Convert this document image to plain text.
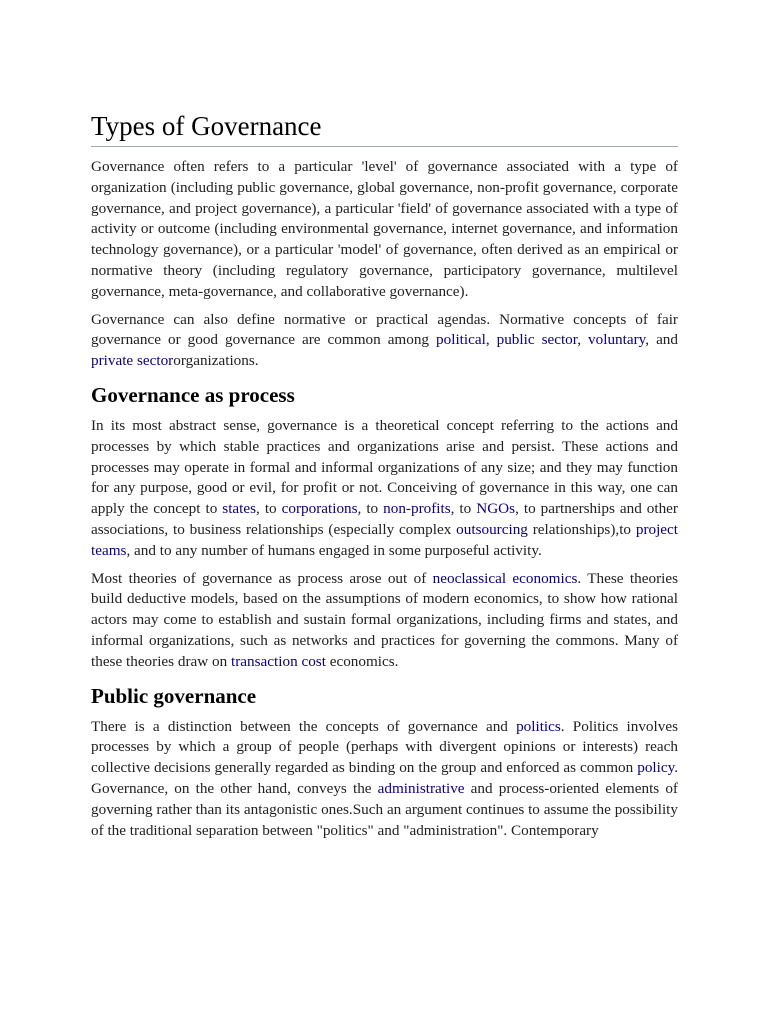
Types of Governance

Governance often refers to a particular 'level' of governance associated with a type of organization (including public governance, global governance, non-profit governance, corporate governance, and project governance), a particular 'field' of governance associated with a type of activity or outcome (including environmental governance, internet governance, and information technology governance), or a particular 'model' of governance, often derived as an empirical or normative theory (including regulatory governance, participatory governance, multilevel governance, meta-governance, and collaborative governance).

Governance can also define normative or practical agendas. Normative concepts of fair governance or good governance are common among political, public sector, voluntary, and private sectororganizations.

Governance as process

In its most abstract sense, governance is a theoretical concept referring to the actions and processes by which stable practices and organizations arise and persist. These actions and processes may operate in formal and informal organizations of any size; and they may function for any purpose, good or evil, for profit or not. Conceiving of governance in this way, one can apply the concept to states, to corporations, to non-profits, to NGOs, to partnerships and other associations, to business relationships (especially complex outsourcing relationships),to project teams, and to any number of humans engaged in some purposeful activity.

Most theories of governance as process arose out of neoclassical economics. These theories build deductive models, based on the assumptions of modern economics, to show how rational actors may come to establish and sustain formal organizations, including firms and states, and informal organizations, such as networks and practices for governing the commons. Many of these theories draw on transaction cost economics.

Public governance

There is a distinction between the concepts of governance and politics. Politics involves processes by which a group of people (perhaps with divergent opinions or interests) reach collective decisions generally regarded as binding on the group and enforced as common policy. Governance, on the other hand, conveys the administrative and process-oriented elements of governing rather than its antagonistic ones.Such an argument continues to assume the possibility of the traditional separation between "politics" and "administration". Contemporary
